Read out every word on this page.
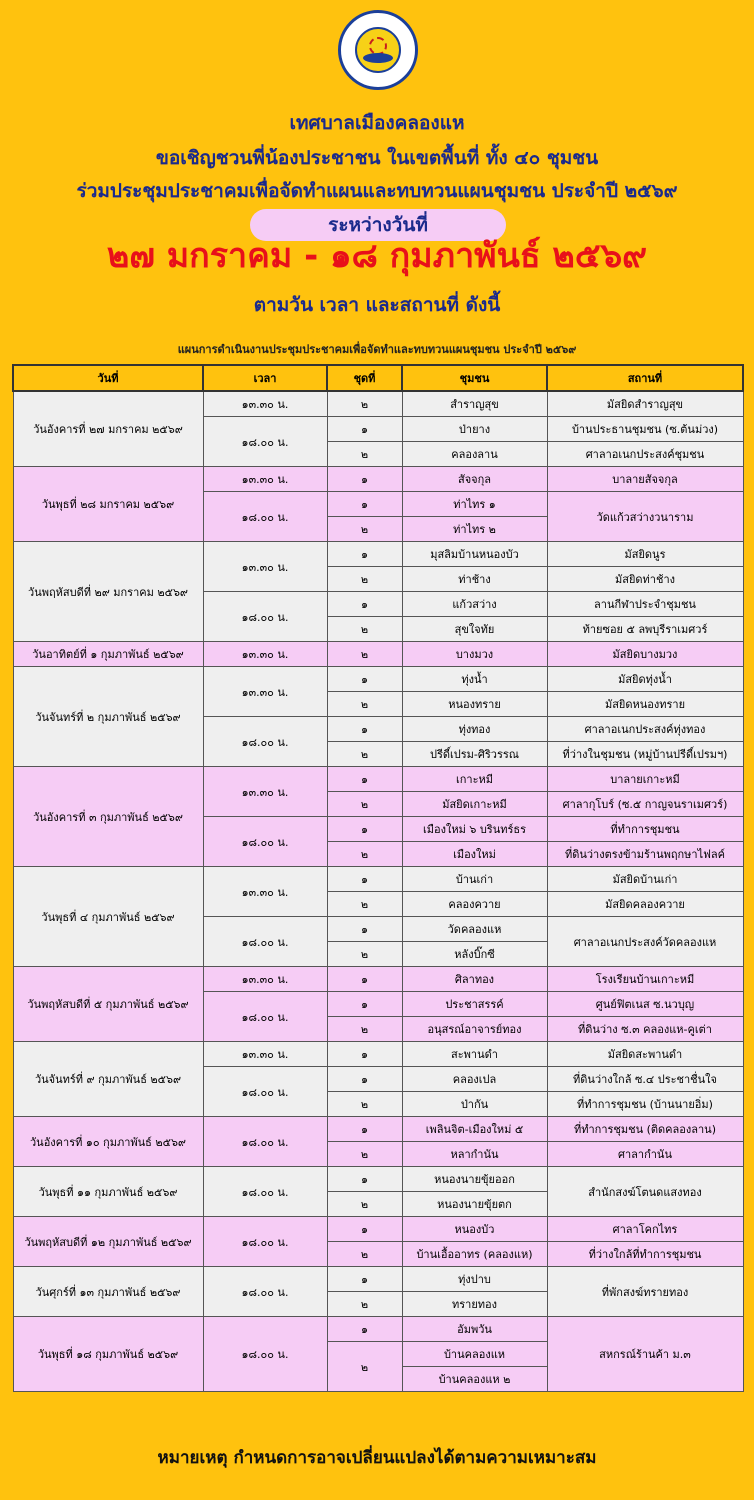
เทศบาลเมืองคลองแห
ขอเชิญชวนพี่น้องประชาชน ในเขตพื้นที่ ทั้ง ๔๐ ชุมชน
ร่วมประชุมประชาคมเพื่อจัดทำแผนและทบทวนแผนชุมชน ประจำปี ๒๕๖๙
ระหว่างวันที่
๒๗ มกราคม - ๑๘ กุมภาพันธ์ ๒๕๖๙
ตามวัน เวลา และสถานที่ ดังนี้
แผนการดำเนินงานประชุมประชาคมเพื่อจัดทำและทบทวนแผนชุมชน ประจำปี ๒๕๖๙
วันที่	เวลา	ชุดที่	ชุมชน	สถานที่
วันอังคารที่ ๒๗ มกราคม ๒๕๖๙	๑๓.๓๐ น.	๒	สำราญสุข	มัสยิดสำราญสุข
	๑๘.๐๐ น.	๑	ป่ายาง	บ้านประธานชุมชน (ซ.ต้นม่วง)
		๒	คลองลาน	ศาลาอเนกประสงค์ชุมชน
วันพุธที่ ๒๘ มกราคม ๒๕๖๙	๑๓.๓๐ น.	๑	สัจจกุล	บาลายสัจจกุล
	๑๘.๐๐ น.	๑	ท่าไทร ๑	วัดแก้วสว่างวนาราม
		๒	ท่าไทร ๒	
วันพฤหัสบดีที่ ๒๙ มกราคม ๒๕๖๙	๑๓.๓๐ น.	๑	มุสลิมบ้านหนองบัว	มัสยิดนูร
		๒	ท่าช้าง	มัสยิดท่าช้าง
	๑๘.๐๐ น.	๑	แก้วสว่าง	ลานกีฬาประจำชุมชน
		๒	สุขใจทัย	ท้ายซอย ๕ ลพบุรีราเมศวร์
วันอาทิตย์ที่ ๑ กุมภาพันธ์ ๒๕๖๙	๑๓.๓๐ น.	๒	บางมวง	มัสยิดบางมวง
วันจันทร์ที่ ๒ กุมภาพันธ์ ๒๕๖๙	๑๓.๓๐ น.	๑	ทุ่งน้ำ	มัสยิดทุ่งน้ำ
		๒	หนองทราย	มัสยิดหนองทราย
	๑๘.๐๐ น.	๑	ทุ่งทอง	ศาลาอเนกประสงค์ทุ่งทอง
		๒	ปรีดี์เปรม-ศิริวรรณ	ที่ว่างในชุมชน (หมู่บ้านปรีดี์เปรมฯ)
วันอังคารที่ ๓ กุมภาพันธ์ ๒๕๖๙	๑๓.๓๐ น.	๑	เกาะหมี	บาลายเกาะหมี
		๒	มัสยิดเกาะหมี	ศาลากุโบร์ (ซ.๕ กาญจนราเมศวร์)
	๑๘.๐๐ น.	๑	เมืองใหม่ ๖ บรินทร์ธร	ที่ทำการชุมชน
		๒	เมืองใหม่	ที่ดินว่างตรงข้ามร้านพฤกษาไฟลค์
วันพุธที่ ๔ กุมภาพันธ์ ๒๕๖๙	๑๓.๓๐ น.	๑	บ้านเก่า	มัสยิดบ้านเก่า
		๒	คลองควาย	มัสยิดคลองควาย
	๑๘.๐๐ น.	๑	วัดคลองแห	ศาลาอเนกประสงค์วัดคลองแห
		๒	หลังบิ๊กซี	
วันพฤหัสบดีที่ ๕ กุมภาพันธ์ ๒๕๖๙	๑๓.๓๐ น.	๑	ศิลาทอง	โรงเรียนบ้านเกาะหมี
	๑๘.๐๐ น.	๑	ประชาสรรค์	ศูนย์ฟิตเนส ซ.นวบุญ
		๒	อนุสรณ์อาจารย์ทอง	ที่ดินว่าง ซ.๓ คลองแห-คูเต่า
วันจันทร์ที่ ๙ กุมภาพันธ์ ๒๕๖๙	๑๓.๓๐ น.	๑	สะพานดำ	มัสยิดสะพานดำ
	๑๘.๐๐ น.	๑	คลองเปล	ที่ดินว่างใกล้ ซ.๔ ประชาชื่นใจ
		๒	ป่ากัน	ที่ทำการชุมชน (บ้านนายอิ่ม)
วันอังคารที่ ๑๐ กุมภาพันธ์ ๒๕๖๙	๑๘.๐๐ น.	๑	เพลินจิต-เมืองใหม่ ๕	ที่ทำการชุมชน (ติดคลองลาน)
		๒	หลากำนัน	ศาลากำนัน
วันพุธที่ ๑๑ กุมภาพันธ์ ๒๕๖๙	๑๘.๐๐ น.	๑	หนองนายขุ้ยออก	สำนักสงฆ์โตนดแสงทอง
		๒	หนองนายขุ้ยตก	
วันพฤหัสบดีที่ ๑๒ กุมภาพันธ์ ๒๕๖๙	๑๘.๐๐ น.	๑	หนองบัว	ศาลาโคกไทร
		๒	บ้านเอื้ออาทร (คลองแห)	ที่ว่างใกล้ที่ทำการชุมชน
วันศุกร์ที่ ๑๓ กุมภาพันธ์ ๒๕๖๙	๑๘.๐๐ น.	๑	ทุ่งปาบ	ที่พักสงฆ์ทรายทอง
		๒	ทรายทอง	
วันพุธที่ ๑๘ กุมภาพันธ์ ๒๕๖๙	๑๘.๐๐ น.	๑	อัมพวัน	สหกรณ์ร้านค้า ม.๓
		๒	บ้านคลองแห	
			บ้านคลองแห ๒	
หมายเหตุ กำหนดการอาจเปลี่ยนแปลงได้ตามความเหมาะสม
